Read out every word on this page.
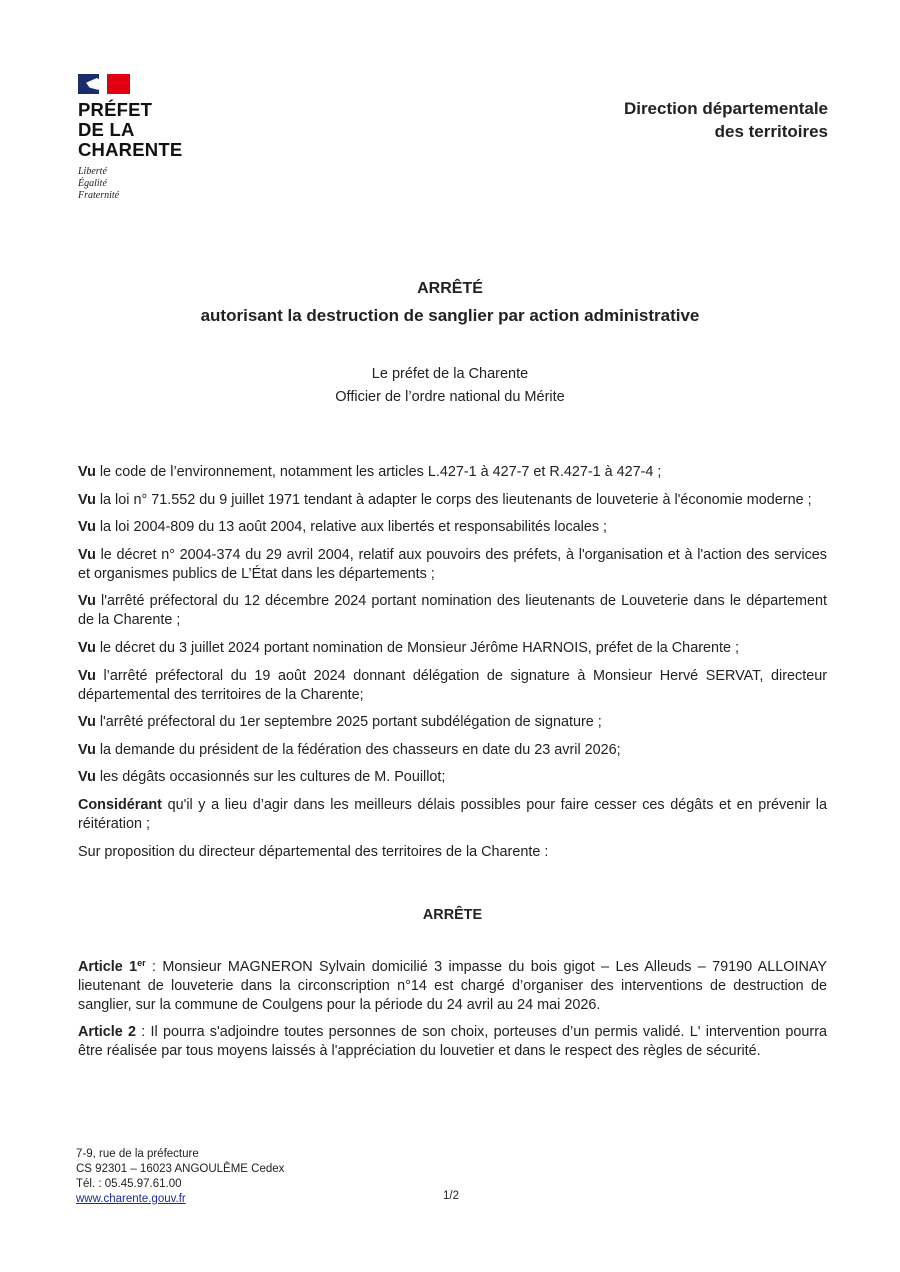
PRÉFET
DE LA
CHARENTE
Liberté
Égalité
Fraternité
Direction départementale
des territoires
ARRÊTÉ
autorisant la destruction de sanglier par action administrative
Le préfet de la Charente
Officier de l’ordre national du Mérite

Vu le code de l’environnement, notamment les articles L.427-1 à 427-7 et R.427-1 à 427-4 ;

Vu la loi n° 71.552 du 9 juillet 1971 tendant à adapter le corps des lieutenants de louveterie à l'économie moderne ;

Vu la loi 2004-809 du 13 août 2004, relative aux libertés et responsabilités locales ;

Vu le décret n° 2004-374 du 29 avril 2004, relatif aux pouvoirs des préfets, à l'organisation et à l'action des services et organismes publics de L’État dans les départements ;

Vu l'arrêté préfectoral du 12 décembre 2024 portant nomination des lieutenants de Louveterie dans le département de la Charente ;

Vu le décret du 3 juillet 2024 portant nomination de Monsieur Jérôme HARNOIS, préfet de la Charente ;

Vu l’arrêté préfectoral du 19 août 2024 donnant délégation de signature à Monsieur Hervé SERVAT, directeur départemental des territoires de la Charente;

Vu l'arrêté préfectoral du 1er septembre 2025 portant subdélégation de signature ;

Vu la demande du président de la fédération des chasseurs en date du 23 avril 2026;

Vu les dégâts occasionnés sur les cultures de M. Pouillot;

Considérant qu'il y a lieu d’agir dans les meilleurs délais possibles pour faire cesser ces dégâts et en prévenir la réitération ;

Sur proposition du directeur départemental des territoires de la Charente :

ARRÊTE

Article 1er : Monsieur MAGNERON Sylvain domicilié 3 impasse du bois gigot – Les Alleuds – 79190 ALLOINAY lieutenant de louveterie dans la circonscription n°14 est chargé d’organiser des interventions de destruction de sanglier, sur la commune de Coulgens pour la période du 24 avril au 24 mai 2026.

Article 2 : Il pourra s'adjoindre toutes personnes de son choix, porteuses d’un permis validé. L' intervention pourra être réalisée par tous moyens laissés à l'appréciation du louvetier et dans le respect des règles de sécurité.

7-9, rue de la préfecture
CS 92301 – 16023 ANGOULÊME Cedex
Tél. : 05.45.97.61.00
www.charente.gouv.fr	1/2
